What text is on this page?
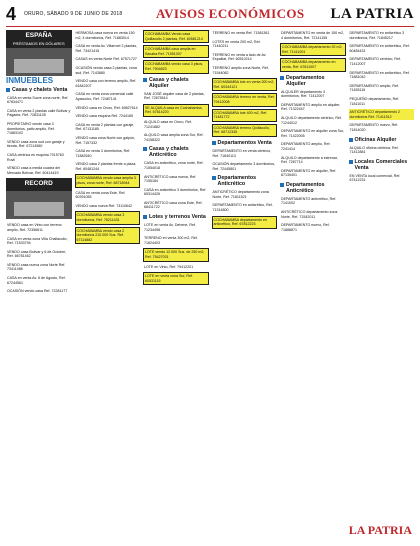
4	ORURO, SÁBADO 9 DE JUNIO DE 2018	AVISOS ECONÓMICOS	LA PATRIA
ESPAÑA
PRÉSTAMOS EN DÓLARES
INMUEBLES
Casas y chalets Venta

CASA en venta Sucre zona norte, Ref. 67834471

CASA en venta 2 plantas calle Bolívar y Pagador, Ref. 72831105

PROPIETARIO vende casa 3 dormitorios, patio amplio, Ref. 71883102

VENDO casa zona sud con garaje y tienda, Ref. 67214560

CASA céntrica en esquina 7015763 Ruvil

VENDO casa a media cuadra del Mercado Bolívar, Ref. 60414419

RECORD

VENDO casa en Vinto con terreno amplio, Ref. 72356611

CASA en venta zona Villa Challacollo, Ref. 71533794

VENDO casa Bolívar y 6 de Octubre, Ref. 66781452

VENDO casa nueva zona Norte Ref. 73411086

CASA en venta Av. 6 de Agosto, Ref. 67244561

OCASIÓN vendo casa Ref. 72281177

HERMOSA casa nueva en venta 150 m2, 4 dormitorios, Ref. 71883014

CASA en venta Av. Villarroel 2 plantas, Ref. 73421415

CASAS en venta Norte Ref. 67571727

OCASIÓN vendo casa 2 plantas, zona sud, Ref. 7143880

VENDO casa con terreno amplio, Ref. 61842207

CASA en venta zona comercial calle Ayacucho, Ref. 72487141

VENDO casa en Oruro, Ref. 69827614

VENDO casa esquina Ref. 7244165

CASA en venta 2 plantas con garaje, Ref. 67131185

VENDO casa zona Norte con galpón, Ref. 7157332

CASA en venta 3 dormitorios, Ref. 71882540

VENDO casa 2 plantas frente a plaza, Ref. 60481244

COCHABAMBA vendo casa amplia 3 pisos, zona norte, Ref. 68718944

CASA en venta zona Este, Ref. 60391055

VENDO casa nueva Ref. 73110642

COCHABAMBA vendo casa 3 dormitorios, Ref. 76211431
COCHABAMBA vendo casa 2 dormitorios 210.000 Sus. Ref. 67114882
COCHABAMBA Vendo casa Quillacollo 2 plantas, Ref. 60581214
COCHABAMBA casa amplia en Sacaba Ref. 71551007
COCHABAMBA vendo casa 3 pisos, Ref. 7904823
Casas y chalets Alquiler

SAN JOSÉ alquiler casa de 2 plantas, Ref. 72875614

SE ALQUILA casa en Cochabamba, Ref. 67814220

ALQUILO casa en Oruro, Ref. 71241882

ALQUILO casa amplia zona Sur, Ref. 74158322

Casas y chalets Anticrético

CASA en anticrético, zona norte, Ref. 71554018

ANTICRÉTICO casa nueva, Ref. 7155184

CASA en anticrético 3 dormitorios, Ref. 65314426

ANTICRÉTICO casa zona Este, Ref. 68411722

Lotes y terrenos Venta

LOTE en venta Av. Dehene, Ref. 71234498

TERRENO en venta 300 m2, Ref. 71824403

LOTE vendo 12.000 Sus. de 250 m2, Ref. 75427031

LOTE en Vinto, Ref. 79412201

LOTE en venta zona Sur, Ref. 60531115

TERRENO en venta Ref. 71581361

LOTES en venta 200 m2, Ref. 71440211

TERRENO en venta a lado de Av. Espaillat, Ref. 60510214

TERRENO amplio zona Norte, Ref. 71544082

COCHABAMBA lote en venta 200 m2, Ref. 60344121
COCHABAMBA terreno en venta, Ref. 79412008
COCHABAMBA lote 400 m2, Ref. 71481772
COCHABAMBA terreno Quillacollo, Ref. 68712345
Departamentos Venta

DEPARTAMENTO en venta céntrico, Ref. 71840113

OCASIÓN departamento 3 dormitorios, Ref. 72445801

Departamentos Anticrético

ANTICRÉTICO departamento zona Norte, Ref. 71811521

DEPARTAMENTO en anticrético, Ref. 71314800

COCHABAMBA departamento en anticrético, Ref. 67812223

DEPARTAMENTO en venta de 150 m2, 4 dormitorios, Ref. 72141155

COCHABAMBA departamento 92 m2, Ref. 71411001
COCHABAMBA departamento en venta, Ref. 67811007
Departamentos Alquiler

ALQUILER departamento 3 dormitorios, Ref. 71412007

DEPARTAMENTO amplio en alquiler, Ref. 71322447

ALQUILO departamento céntrico, Ref. 71244012

DEPARTAMENTO en alquiler zona Sur, Ref. 71422005

DEPARTAMENTO amplio, Ref. 7241414

ALQUILO departamento a estrenar, Ref. 7287714

DEPARTAMENTO en alquiler, Ref. 67135401

Departamentos Anticrético

DEPARTAMENTO anticrético, Ref. 7141002

ANTICRÉTICO departamento zona Norte, Ref. 71542011

DEPARTAMENTO nuevo, Ref. 71888871

DEPARTAMENTO en anticrético 3 dormitorios, Ref. 71845217

DEPARTAMENTO en anticrético, Ref. 60484431

DEPARTAMENTO céntrico, Ref. 71412007

DEPARTAMENTO en anticrético, Ref. 71881042

DEPARTAMENTO amplio, Ref. 71455116

PEQUEÑO departamento, Ref. 71811011

ANTICRÉTICO departamento 2 dormitorios Ref. 71411512

DEPARTAMENTO nuevo, Ref. 71814020

Oficinas Alquiler

ALQUILO oficina céntrica, Ref. 71412881

Locales Comerciales Venta

EN VENTA local comercial, Ref. 67412231

LA PATRIA
